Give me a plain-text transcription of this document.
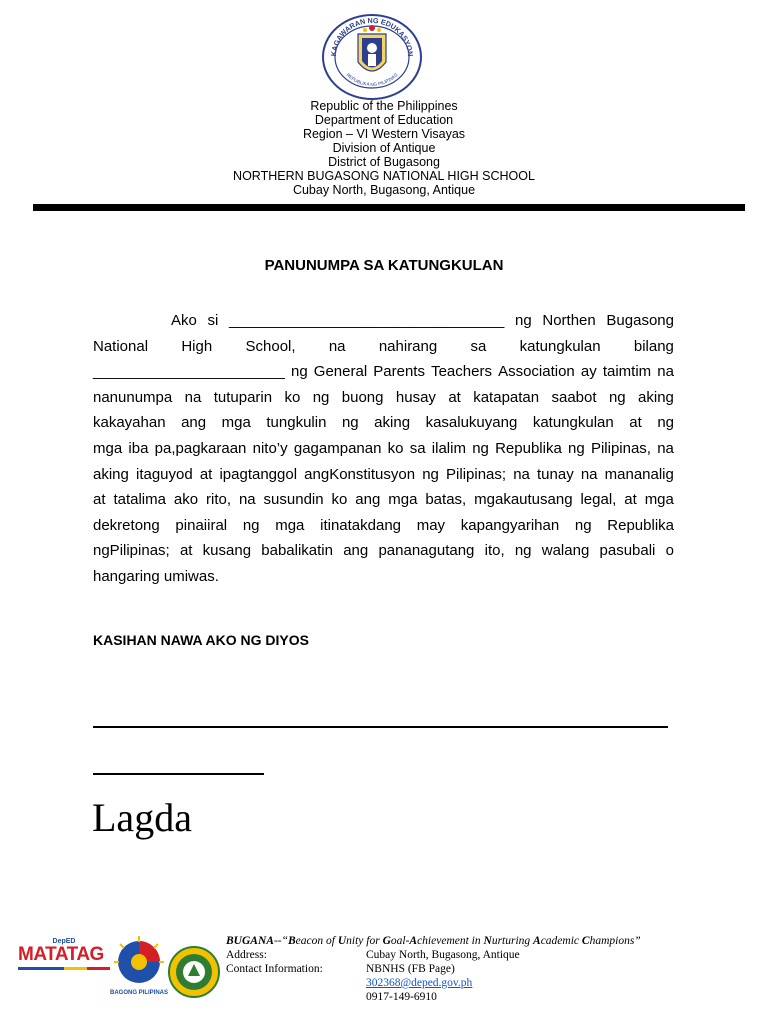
KAGAWARAN NG EDUKASYON
REPUBLIKA NG PILIPINAS
Republic of the Philippines
Department of Education
Region – VI Western Visayas
Division of Antique
District of Bugasong
NORTHERN BUGASONG NATIONAL HIGH SCHOOL
Cubay North, Bugasong, Antique
PANUNUMPA SA KATUNGKULAN
Ako si _________________________________ ng Northen Bugasong
National High School, na nahirang sa katungkulan bilang
_______________________ ng General Parents Teachers Association ay taimtim na
nanunumpa na tutuparin ko ng buong husay at katapatan saabot ng aking
kakayahan ang mga tungkulin ng aking kasalukuyang katungkulan at ng
mga iba pa,pagkaraan nito’y gagampanan ko sa ilalim ng Republika ng Pilipinas, na
aking itaguyod at ipagtanggol angKonstitusyon ng Pilipinas; na tunay na mananalig
at tatalima ako rito, na susundin ko ang mga batas, mgakautusang legal, at mga
dekretong pinaiiral ng mga itinatakdang may kapangyarihan ng Republika
ngPilipinas; at kusang babalikatin ang pananagutang ito, ng walang pasubali o
hangaring umiwas.
KASIHAN NAWA AKO NG DIYOS
Lagda
DepED
MATATAG
BAGONG PILIPINAS
BUGANA--“Beacon of Unity for Goal-Achievement in Nurturing Academic Champions”
Address:	Cubay North, Bugasong, Antique
Contact Information:	NBNHS (FB Page)
302368@deped.gov.ph
0917-149-6910
